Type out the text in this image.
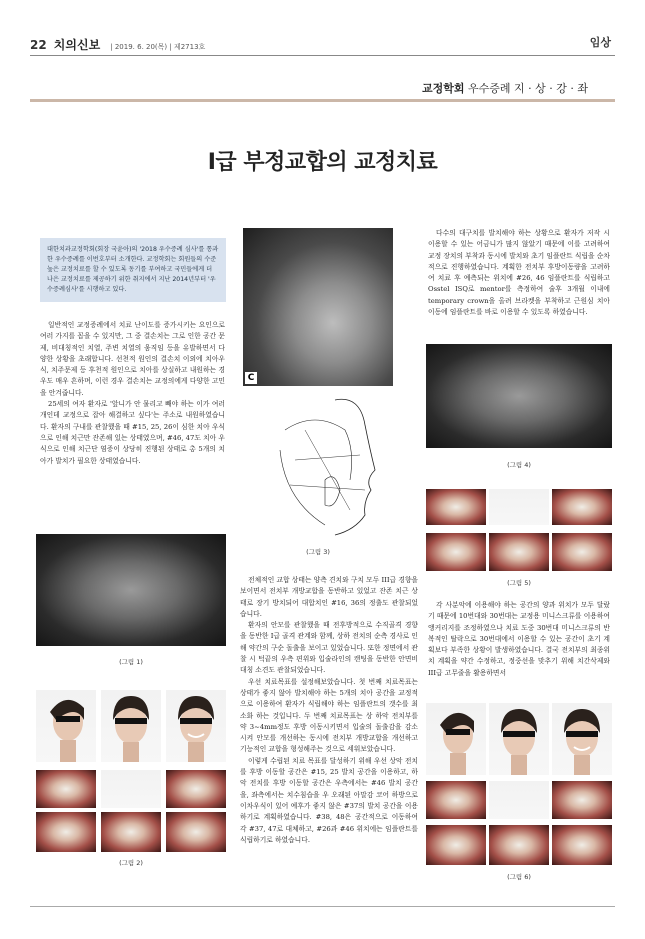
22 치의신보 | 2019. 6. 20(목) | 제2713호	임상
교정학회 우수증례 지 · 상 · 강 · 좌
I급 부정교합의 교정치료
대한치과교정학회(회장 국윤아)의 '2018 우수증례 심사'를 통과한 우수증례를 이번호부터 소개한다. 교정학회는 회원들의 수준 높은 교정치료를 할 수 있도록 동기를 부여하고 국민들에게 더 나은 교정치료를 제공하기 위한 취지에서 지난 2014년부터 '우수증례심사'를 시행하고 있다.

일반적인 교정증례에서 치료 난이도를 증가시키는 요인으로 여러 가지를 꼽을 수 있지만, 그 중 결손치는 그로 인한 공간 문제, 비대칭적인 치열, 주변 치열의 움직임 등을 유발하면서 다양한 상황을 초래합니다. 선천적 원인의 결손치 이외에 치아우식, 치주문제 등 후천적 원인으로 치아를 상실하고 내원하는 경우도 매우 흔하며, 이런 경우 결손치는 교정의에게 다양한 고민을 안겨줍니다.

25세의 여자 환자로 '앞니가 안 물리고 빼야 하는 이가 여러 개인데 교정으로 잡아 해결하고 싶다'는 주소로 내원하였습니다. 환자의 구내를 관찰했을 때 #15, 25, 26이 심한 치아 우식으로 인해 치근만 잔존해 있는 상태였으며, #46, 47도 치아 우식으로 인해 치근단 염증이 상당히 진행된 상태로 총 5개의 치아가 발치가 필요한 상태였습니다.

(그림 1)
(그림 2)
C
(그림 3)

전체적인 교합 상태는 양측 견치와 구치 모두 III급 경향을 보이면서 전치부 개방교합을 동반하고 있었고 잔존 치근 상태로 장기 방치되어 대합치인 #16, 36의 정출도 관찰되었습니다.

환자의 안모를 관찰했을 때 전후방적으로 수직골격 경향을 동반한 I급 골격 관계와 함께, 상하 전치의 순측 경사로 인해 약간의 구순 돌출을 보이고 있었습니다. 또한 정면에서 관찰 시 턱끝의 우측 편위와 입술라인의 캔팅을 동반한 안면비대칭 소견도 관찰되었습니다.

우선 치료목표를 설정해보았습니다. 첫 번째 치료목표는 상태가 좋지 않아 발치해야 하는 5개의 치아 공간을 교정적으로 이용하여 환자가 식립해야 하는 임플란트의 갯수를 최소화 하는 것입니다. 두 번째 치료목표는 상 하악 전치부를 약 3~4mm정도 후방 이동시키면서 입술의 돌출감을 감소시켜 안모를 개선하는 동시에 전치부 개방교합을 개선하고 기능적인 교합을 형성해주는 것으로 세워보았습니다.

이렇게 수립된 치료 목표를 달성하기 위해 우선 상악 전치를 후방 이동할 공간은 #15, 25 발치 공간을 이용하고, 하악 전치를 후방 이동할 공간은 우측에서는 #46 발치 공간을, 좌측에서는 치수침습을 우 오래된 아말감 코어 하방으로 이차우식이 있어 예후가 좋지 않은 #37의 발치 공간을 이용하기로 계획하였습니다. #38, 48은 공간적으로 이동하여 각 #37, 47로 대체하고, #26과 #46 위치에는 임플란트를 식립하기로 하였습니다.

다수의 대구치를 발치해야 하는 상황으로 환자가 저작 시 이용할 수 있는 어금니가 많지 않았기 때문에 이를 고려하여 교정 장치의 부착과 동시에 발치와 초기 임플란트 식립을 순차적으로 진행하였습니다. 계획한 전치부 후방이동량을 고려하여 치료 후 예측되는 위치에 #26, 46 임플란트를 식립하고 Osstel ISQ로 mentor를 측정하여 술후 3개월 이내에 temporary crown을 올려 브라켓을 부착하고 근원심 치아 이동에 임플란트를 바로 이용할 수 있도록 하였습니다.

(그림 4)
(그림 5)

각 사분악에 이용해야 하는 공간의 양과 위치가 모두 달랐기 때문에 10번대와 30번대는 교정용 미니스크류를 이용하여 앵커리지를 조정하였으나 치료 도중 30번대 미니스크류의 반복적인 탈락으로 30번대에서 이용할 수 있는 공간이 초기 계획보다 부족한 상황이 발생하였습니다. 결국 전치부의 최종위치 계획을 약간 수정하고, 정중선을 맞추기 위해 치간삭제와 III급 고무줄을 활용하면서

(그림 6)
